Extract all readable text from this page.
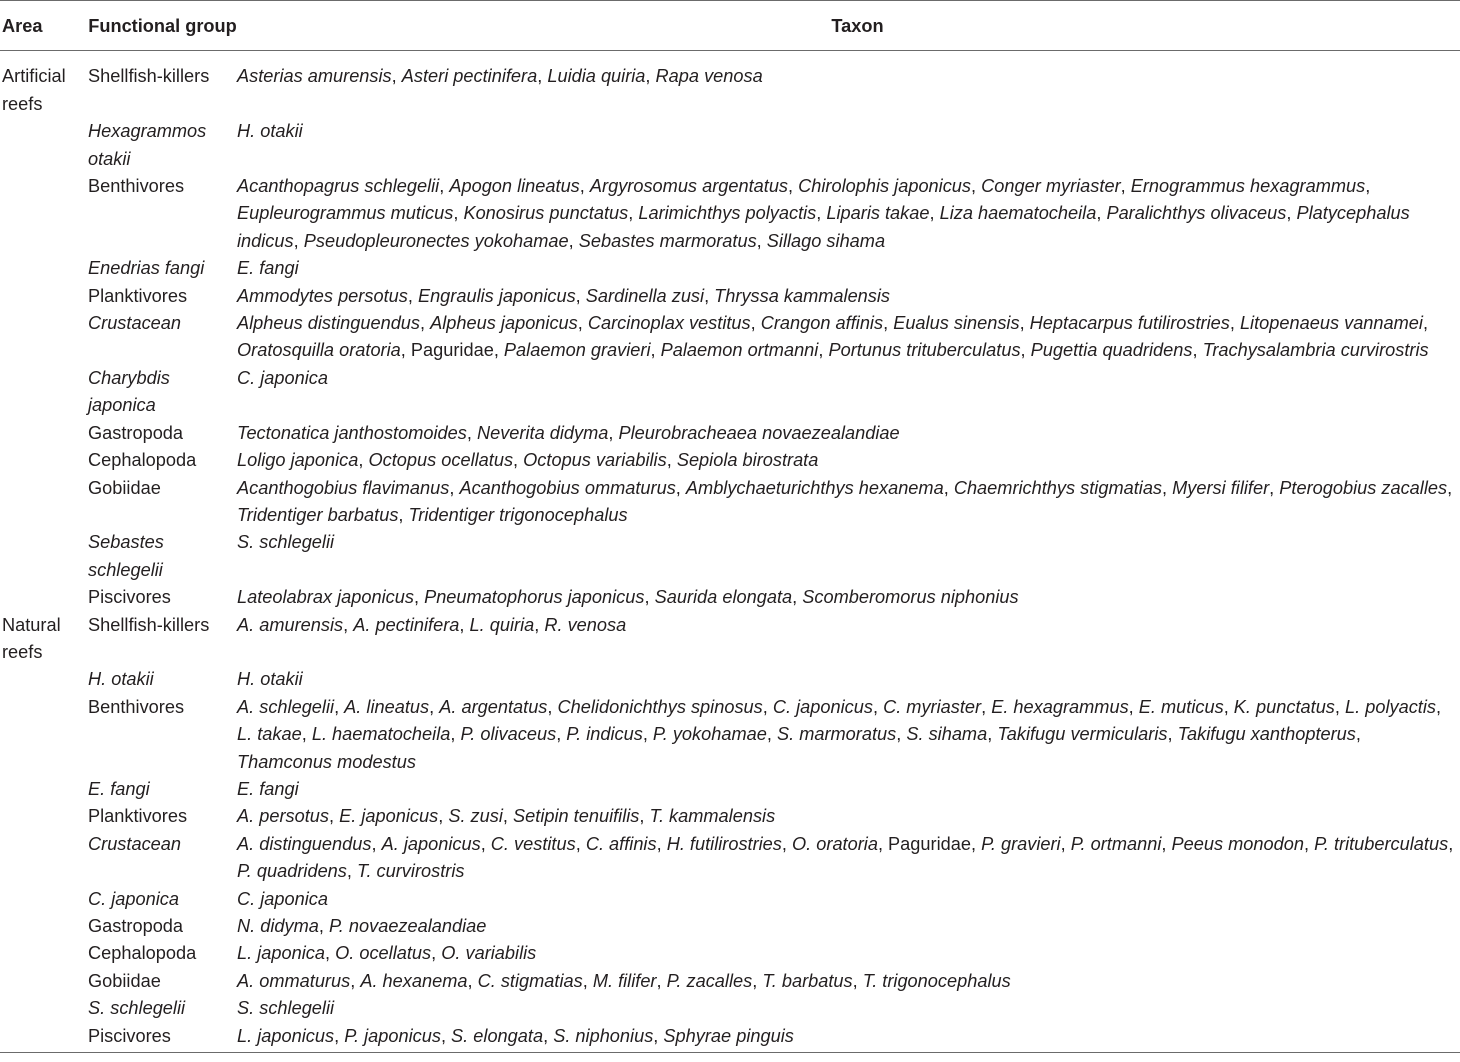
Area	Functional group	Taxon
Artificial reefs	Shellfish-killers	Asterias amurensis, Asteri pectinifera, Luidia quiria, Rapa venosa
	Hexagrammos otakii	H. otakii
	Benthivores	Acanthopagrus schlegelii, Apogon lineatus, Argyrosomus argentatus, Chirolophis japonicus, Conger myriaster, Ernogrammus hexagrammus, Eupleurogrammus muticus, Konosirus punctatus, Larimichthys polyactis, Liparis takae, Liza haematocheila, Paralichthys olivaceus, Platycephalus indicus, Pseudopleuronectes yokohamae, Sebastes marmoratus, Sillago sihama
	Enedrias fangi	E. fangi
	Planktivores	Ammodytes persotus, Engraulis japonicus, Sardinella zusi, Thryssa kammalensis
	Crustacean	Alpheus distinguendus, Alpheus japonicus, Carcinoplax vestitus, Crangon affinis, Eualus sinensis, Heptacarpus futilirostries, Litopenaeus vannamei, Oratosquilla oratoria, Paguridae, Palaemon gravieri, Palaemon ortmanni, Portunus trituberculatus, Pugettia quadridens, Trachysalambria curvirostris
	Charybdis japonica	C. japonica
	Gastropoda	Tectonatica janthostomoides, Neverita didyma, Pleurobracheaea novaezealandiae
	Cephalopoda	Loligo japonica, Octopus ocellatus, Octopus variabilis, Sepiola birostrata
	Gobiidae	Acanthogobius flavimanus, Acanthogobius ommaturus, Amblychaeturichthys hexanema, Chaemrichthys stigmatias, Myersi filifer, Pterogobius zacalles, Tridentiger barbatus, Tridentiger trigonocephalus
	Sebastes schlegelii	S. schlegelii
	Piscivores	Lateolabrax japonicus, Pneumatophorus japonicus, Saurida elongata, Scomberomorus niphonius
Natural reefs	Shellfish-killers	A. amurensis, A. pectinifera, L. quiria, R. venosa
	H. otakii	H. otakii
	Benthivores	A. schlegelii, A. lineatus, A. argentatus, Chelidonichthys spinosus, C. japonicus, C. myriaster, E. hexagrammus, E. muticus, K. punctatus, L. polyactis, L. takae, L. haematocheila, P. olivaceus, P. indicus, P. yokohamae, S. marmoratus, S. sihama, Takifugu vermicularis, Takifugu xanthopterus, Thamconus modestus
	E. fangi	E. fangi
	Planktivores	A. persotus, E. japonicus, S. zusi, Setipin tenuifilis, T. kammalensis
	Crustacean	A. distinguendus, A. japonicus, C. vestitus, C. affinis, H. futilirostries, O. oratoria, Paguridae, P. gravieri, P. ortmanni, Peeus monodon, P. trituberculatus, P. quadridens, T. curvirostris
	C. japonica	C. japonica
	Gastropoda	N. didyma, P. novaezealandiae
	Cephalopoda	L. japonica, O. ocellatus, O. variabilis
	Gobiidae	A. ommaturus, A. hexanema, C. stigmatias, M. filifer, P. zacalles, T. barbatus, T. trigonocephalus
	S. schlegelii	S. schlegelii
	Piscivores	L. japonicus, P. japonicus, S. elongata, S. niphonius, Sphyrae pinguis
